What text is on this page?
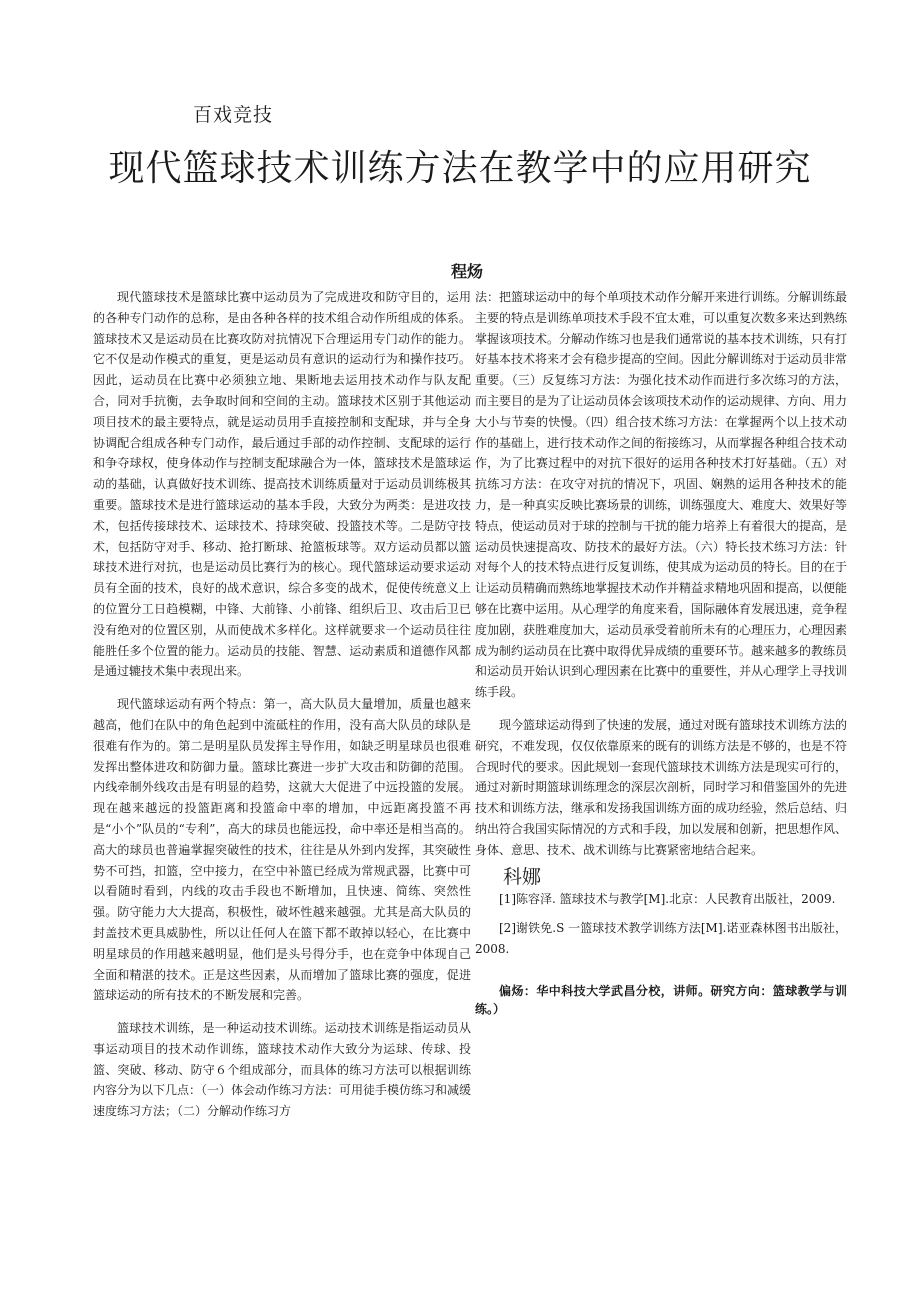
百戏竞技
现代篮球技术训练方法在教学中的应用研究
程炀

现代篮球技术是篮球比赛中运动员为了完成进攻和防守目的，运用的各种专门动作的总称，是由各种各样的技术组合动作所组成的体系。篮球技术又是运动员在比赛攻防对抗情况下合理运用专门动作的能力。它不仅是动作模式的重复，更是运动员有意识的运动行为和操作技巧。因此，运动员在比赛中必须独立地、果断地去运用技术动作与队友配合，同对手抗衡，去争取时间和空间的主动。篮球技术区别于其他运动项目技术的最主要特点，就是运动员用手直接控制和支配球，并与全身协调配合组成各种专门动作，最后通过手部的动作控制、支配球的运行和争夺球权，使身体动作与控制支配球融合为一体，篮球技术是篮球运动的基础，认真做好技术训练、提高技术训练质量对于运动员训练极其重要。篮球技术是进行篮球运动的基本手段，大致分为两类：是进攻技术，包括传接球技术、运球技术、持球突破、投篮技术等。二是防守技术，包括防守对手、移动、抢打断球、抢篮板球等。双方运动员都以篮球技术进行对抗，也是运动员比赛行为的核心。现代篮球运动要求运动员有全面的技术，良好的战术意识，综合多变的战术，促使传统意义上的位置分工日趋模糊，中锋、大前锋、小前锋、组织后卫、攻击后卫已没有绝对的位置区别，从而使战术多样化。这样就要求一个运动员往往能胜任多个位置的能力。运动员的技能、智慧、运动素质和道德作风都是通过辘技术集中表现出来。

现代篮球运动有两个特点：第一，高大队员大量增加，质量也越来越高，他们在队中的角色起到中流砥柱的作用，没有高大队员的球队是很难有作为的。第二是明星队员发挥主导作用，如缺乏明星球员也很难发挥出整体进攻和防御力量。篮球比赛进一步扩大攻击和防御的范围。内线牵制外线攻击是有明显的趋势，这就大大促进了中远投篮的发展。现在越来越远的投篮距离和投篮命中率的增加，中远距离投篮不再是“小个”队员的“专利”，高大的球员也能远投，命中率还是相当高的。高大的球员也普遍掌握突破性的技术，往往是从外到内发挥，其突破性势不可挡，扣篮，空中接力，在空中补篮已经成为常规武器，比赛中可以看随时看到，内线的攻击手段也不断增加，且快速、简练、突然性强。防守能力大大提高，积极性，破坏性越来越强。尤其是高大队员的封盖技术更具威胁性，所以让任何人在篮下都不敢掉以轻心，在比赛中明星球员的作用越来越明显，他们是头号得分手，也在竞争中体现自己全面和精湛的技术。正是这些因素，从而增加了篮球比赛的强度，促进篮球运动的所有技术的不断发展和完善。

篮球技术训练，是一种运动技术训练。运动技术训练是指运动员从事运动项目的技术动作训练，篮球技术动作大致分为运球、传球、投篮、突破、移动、防守６个组成部分，而具体的练习方法可以根据训练内容分为以下几点：（一）体会动作练习方法：可用徒手模仿练习和减缓速度练习方法；（二）分解动作练习方

法：把篮球运动中的每个单项技术动作分解开来进行训练。分解训练最主要的特点是训练单项技术手段不宜太难，可以重复次数多来达到熟练掌握该项技术。分解动作练习也是我们通常说的基本技术训练，只有打好基本技术将来才会有稳步提高的空间。因此分解训练对于运动员非常重要。（三）反复练习方法：为强化技术动作而进行多次练习的方法，而主要目的是为了让运动员体会该项技术动作的运动规律、方向、用力大小与节奏的快慢。（四）组合技术练习方法：在掌握两个以上技术动作的基础上，进行技术动作之间的衔接练习，从而掌握各种组合技术动作，为了比赛过程中的对抗下很好的运用各种技术打好基础。（五）对抗练习方法：在攻守对抗的情况下，巩固、娴熟的运用各种技术的能力，是一种真实反映比赛场景的训练，训练强度大、难度大、效果好等特点，使运动员对于球的控制与干扰的能力培养上有着很大的提高，是运动员快速提高攻、防技术的最好方法。（六）特长技术练习方法：针对每个人的技术特点进行反复训练，使其成为运动员的特长。目的在于让运动员精确而熟练地掌握技术动作并精益求精地巩固和提高，以便能够在比赛中运用。从心理学的角度来看，国际融体育发展迅速，竞争程度加剧，获胜难度加大，运动员承受着前所未有的心理压力，心理因素成为制约运动员在比赛中取得优异成绩的重要环节。越来越多的教练员和运动员开始认识到心理因素在比赛中的重要性，并从心理学上寻找训练手段。

现今篮球运动得到了快速的发展，通过对既有篮球技术训练方法的研究，不难发现，仅仅依靠原来的既有的训练方法是不够的，也是不符合现时代的要求。因此规划一套现代篮球技术训练方法是现实可行的，通过对新时期篮球训练理念的深层次剖析，同时学习和借鉴国外的先进技术和训练方法，继承和发扬我国训练方面的成功经验，然后总结、归纳出符合我国实际情况的方式和手段，加以发展和创新，把思想作风、身体、意思、技术、战术训练与比赛紧密地结合起来。

科娜

[1]陈容泽. 篮球技术与教学[M].北京：人民教育出版社，2009.

[2]谢铁免.S 一篮球技术教学训练方法[M].诺亚森林图书出版社，2008.

偏炀：华中科技大学武昌分校，讲师。研究方向：篮球教学与训练。）
